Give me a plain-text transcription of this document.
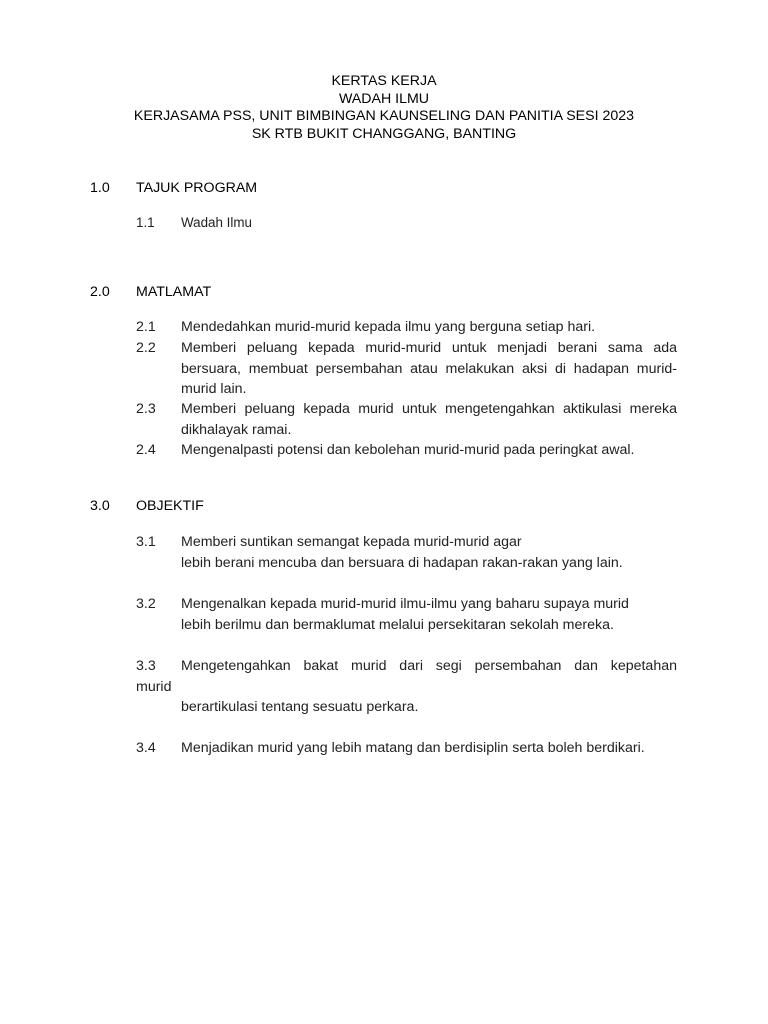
KERTAS KERJA
WADAH ILMU
KERJASAMA PSS, UNIT BIMBINGAN KAUNSELING DAN PANITIA SESI 2023
SK RTB BUKIT CHANGGANG, BANTING
1.0 TAJUK PROGRAM
1.1 Wadah Ilmu
2.0 MATLAMAT
2.1 Mendedahkan murid-murid kepada ilmu yang berguna setiap hari.
2.2 Memberi peluang kepada murid-murid untuk menjadi berani sama ada
bersuara, membuat persembahan atau melakukan aksi di hadapan murid-
murid lain.
2.3 Memberi peluang kepada murid untuk mengetengahkan aktikulasi mereka
dikhalayak ramai.
2.4 Mengenalpasti potensi dan kebolehan murid-murid pada peringkat awal.
3.0 OBJEKTIF
3.1 Memberi suntikan semangat kepada murid-murid agar
lebih berani mencuba dan bersuara di hadapan rakan-rakan yang lain.
3.2 Mengenalkan kepada murid-murid ilmu-ilmu yang baharu supaya murid
lebih berilmu dan bermaklumat melalui persekitaran sekolah mereka.
3.3 Mengetengahkan bakat murid dari segi persembahan dan kepetahan
murid
berartikulasi tentang sesuatu perkara.
3.4 Menjadikan murid yang lebih matang dan berdisiplin serta boleh berdikari.
